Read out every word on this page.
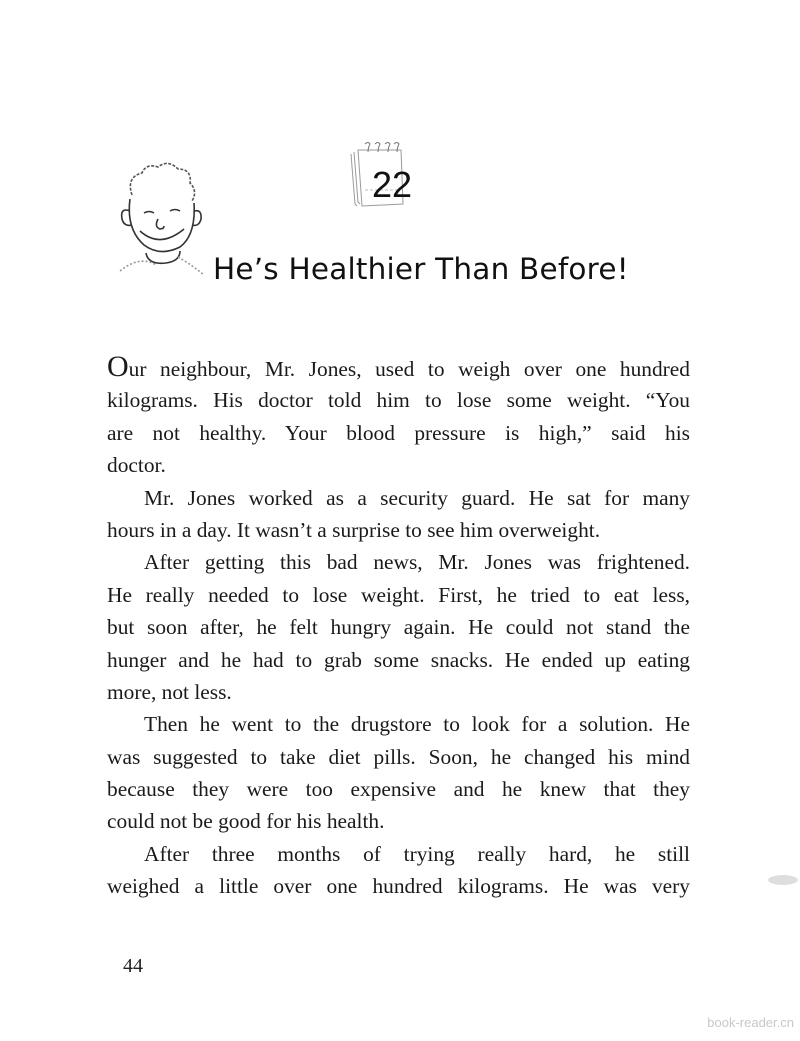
22
He’s Healthier Than Before!
Our neighbour, Mr. Jones, used to weigh over one hundred
kilograms. His doctor told him to lose some weight. “You
are not healthy. Your blood pressure is high,” said his
doctor.
Mr. Jones worked as a security guard. He sat for many
hours in a day. It wasn’t a surprise to see him overweight.
After getting this bad news, Mr. Jones was frightened.
He really needed to lose weight. First, he tried to eat less,
but soon after, he felt hungry again. He could not stand the
hunger and he had to grab some snacks. He ended up eating
more, not less.
Then he went to the drugstore to look for a solution. He
was suggested to take diet pills. Soon, he changed his mind
because they were too expensive and he knew that they
could not be good for his health.
After three months of trying really hard, he still
weighed a little over one hundred kilograms. He was very
44
book-reader.cn
